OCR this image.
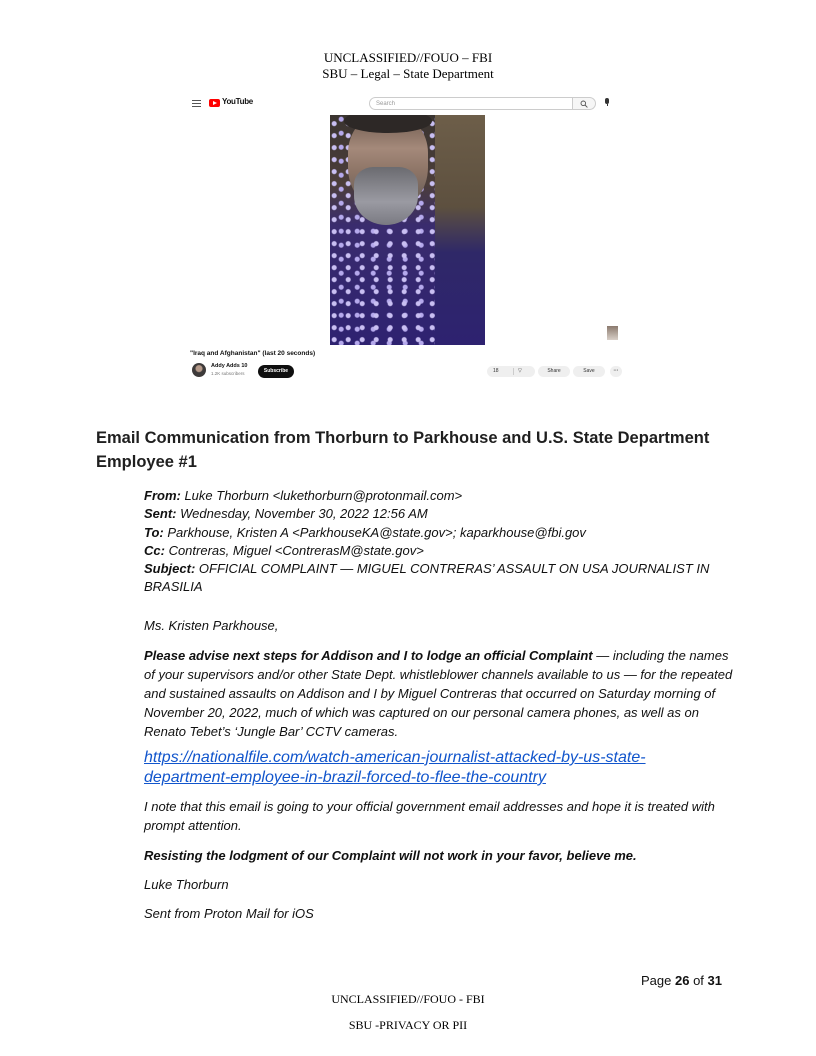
UNCLASSIFIED//FOUO – FBI
SBU – Legal – State Department
YouTube	Search
"Iraq and Afghanistan" (last 20 seconds)
Addy Adds 10
1.2K subscribers	Subscribe	18	▽	Share	Save	···
Email Communication from Thorburn to Parkhouse and U.S. State Department Employee #1
From: Luke Thorburn <lukethorburn@protonmail.com>
Sent: Wednesday, November 30, 2022 12:56 AM
To: Parkhouse, Kristen A <ParkhouseKA@state.gov>; kaparkhouse@fbi.gov
Cc: Contreras, Miguel <ContrerasM@state.gov>
Subject: OFFICIAL COMPLAINT — MIGUEL CONTRERAS’ ASSAULT ON USA JOURNALIST IN BRASILIA
Ms. Kristen Parkhouse,
Please advise next steps for Addison and I to lodge an official Complaint — including the names of your supervisors and/or other State Dept. whistleblower channels available to us — for the repeated and sustained assaults on Addison and I by Miguel Contreras that occurred on Saturday morning of November 20, 2022, much of which was captured on our personal camera phones, as well as on Renato Tebet’s ‘Jungle Bar’ CCTV cameras.
https://nationalfile.com/watch-american-journalist-attacked-by-us-state-department-employee-in-brazil-forced-to-flee-the-country
I note that this email is going to your official government email addresses and hope it is treated with prompt attention.
Resisting the lodgment of our Complaint will not work in your favor, believe me.
Luke Thorburn
Sent from Proton Mail for iOS
Page 26 of 31
UNCLASSIFIED//FOUO - FBI
SBU -PRIVACY OR PII
